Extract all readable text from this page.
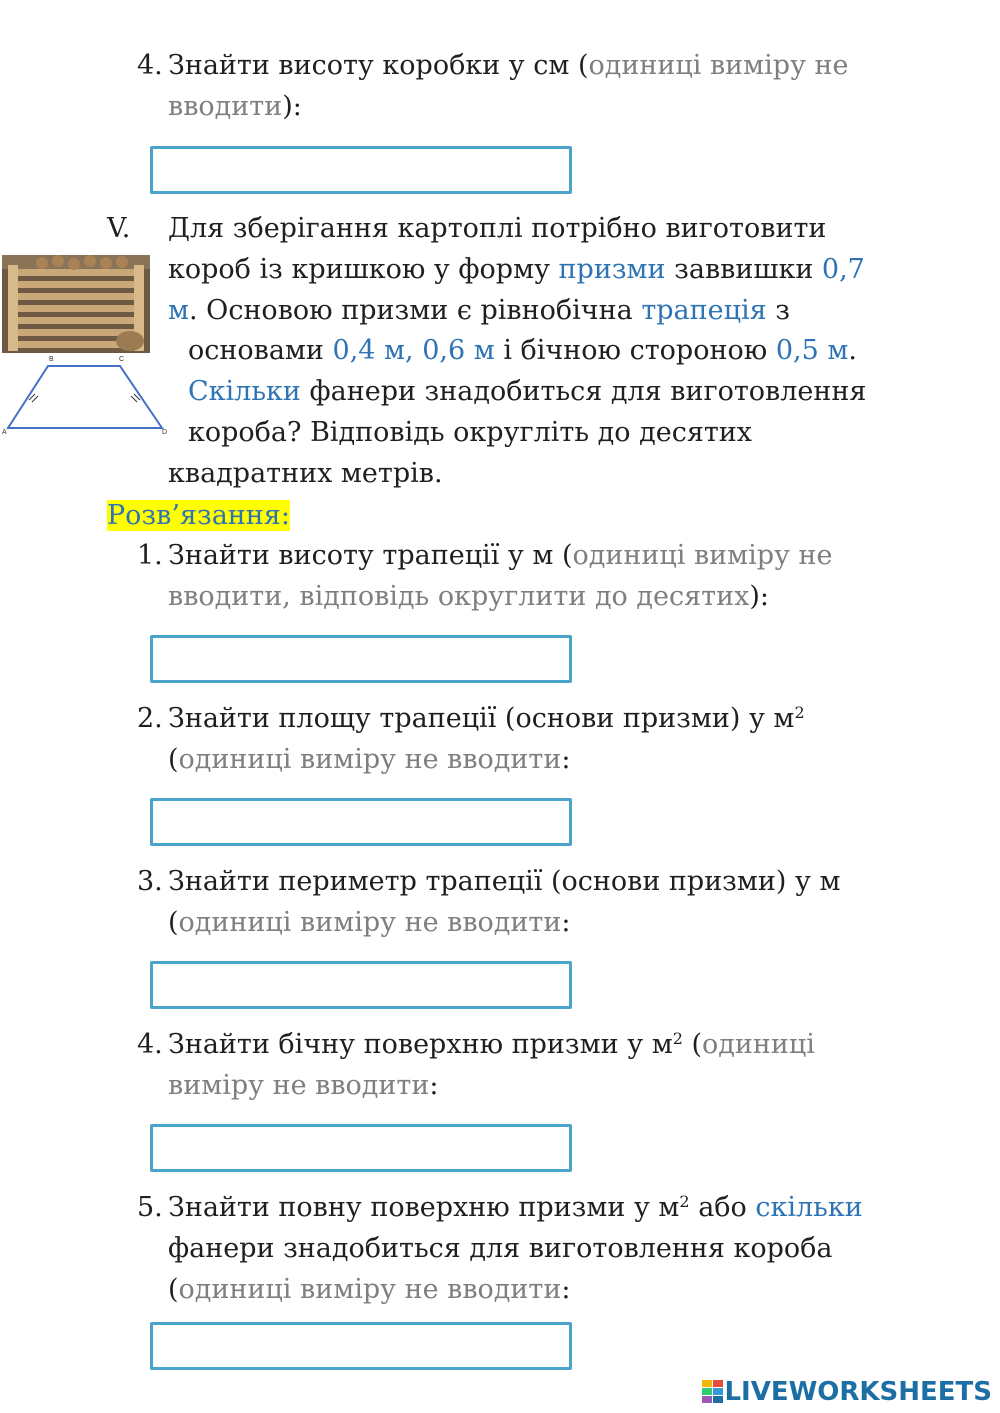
4. Знайти висоту коробки у см (одиниці виміру не
вводити):
V. Для зберігання картоплі потрібно виготовити
короб із кришкою у форму призми заввишки 0,7
м. Основою призми є рівнобічна трапеція з
основами 0,4 м, 0,6 м і бічною стороною 0,5 м.
Скільки фанери знадобиться для виготовлення
короба? Відповідь округліть до десятих
квадратних метрів.
B	C
A	D
Розв’язання:
1. Знайти висоту трапеції у м (одиниці виміру не
вводити, відповідь округлити до десятих):
2. Знайти площу трапеції (основи призми) у $м^2$
(одиниці виміру не вводити:
3. Знайти периметр трапеції (основи призми) у м
(одиниці виміру не вводити:
4. Знайти бічну поверхню призми у $м^2$ (одиниці
виміру не вводити:
5. Знайти повну поверхню призми у $м^2$ або скільки
фанери знадобиться для виготовлення короба
(одиниці виміру не вводити:
LIVEWORKSHEETS
